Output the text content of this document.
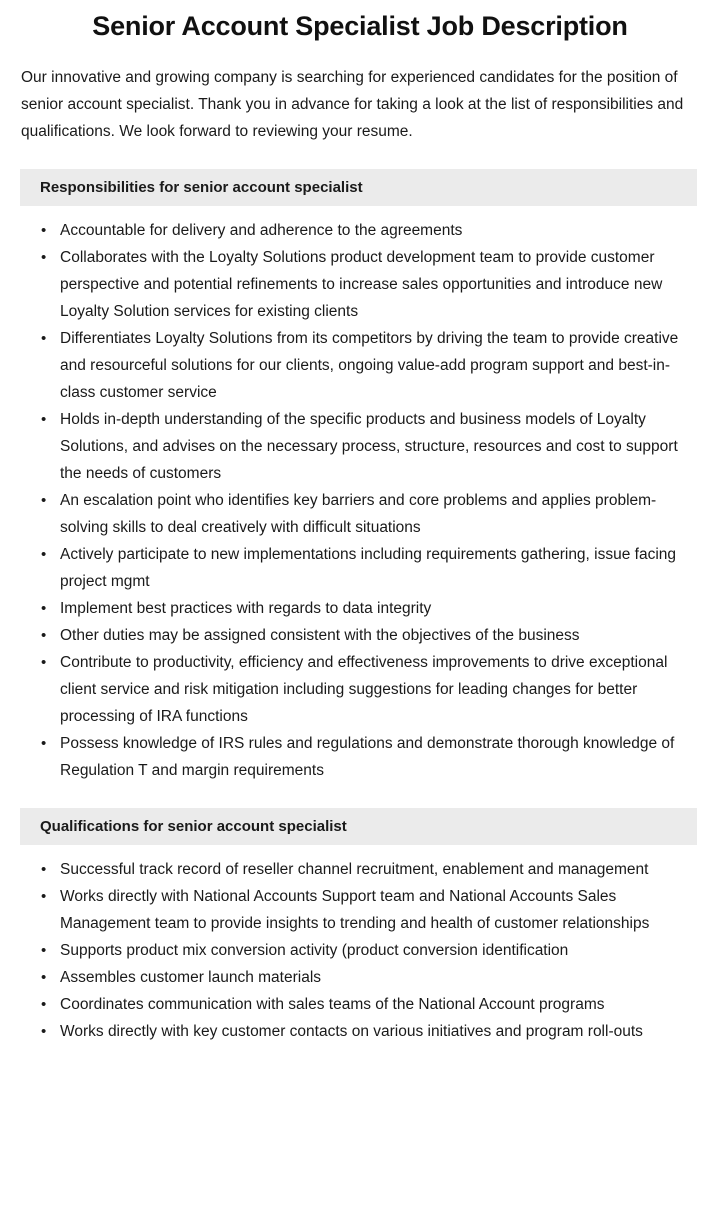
Senior Account Specialist Job Description

Our innovative and growing company is searching for experienced candidates for the position of senior account specialist. Thank you in advance for taking a look at the list of responsibilities and qualifications. We look forward to reviewing your resume.

Responsibilities for senior account specialist
• Accountable for delivery and adherence to the agreements
• Collaborates with the Loyalty Solutions product development team to provide customer perspective and potential refinements to increase sales opportunities and introduce new Loyalty Solution services for existing clients
• Differentiates Loyalty Solutions from its competitors by driving the team to provide creative and resourceful solutions for our clients, ongoing value-add program support and best-in-class customer service
• Holds in-depth understanding of the specific products and business models of Loyalty Solutions, and advises on the necessary process, structure, resources and cost to support the needs of customers
• An escalation point who identifies key barriers and core problems and applies problem-solving skills to deal creatively with difficult situations
• Actively participate to new implementations including requirements gathering, issue facing project mgmt
• Implement best practices with regards to data integrity
• Other duties may be assigned consistent with the objectives of the business
• Contribute to productivity, efficiency and effectiveness improvements to drive exceptional client service and risk mitigation including suggestions for leading changes for better processing of IRA functions
• Possess knowledge of IRS rules and regulations and demonstrate thorough knowledge of Regulation T and margin requirements
Qualifications for senior account specialist
• Successful track record of reseller channel recruitment, enablement and management
• Works directly with National Accounts Support team and National Accounts Sales Management team to provide insights to trending and health of customer relationships
• Supports product mix conversion activity (product conversion identification
• Assembles customer launch materials
• Coordinates communication with sales teams of the National Account programs
• Works directly with key customer contacts on various initiatives and program roll-outs
